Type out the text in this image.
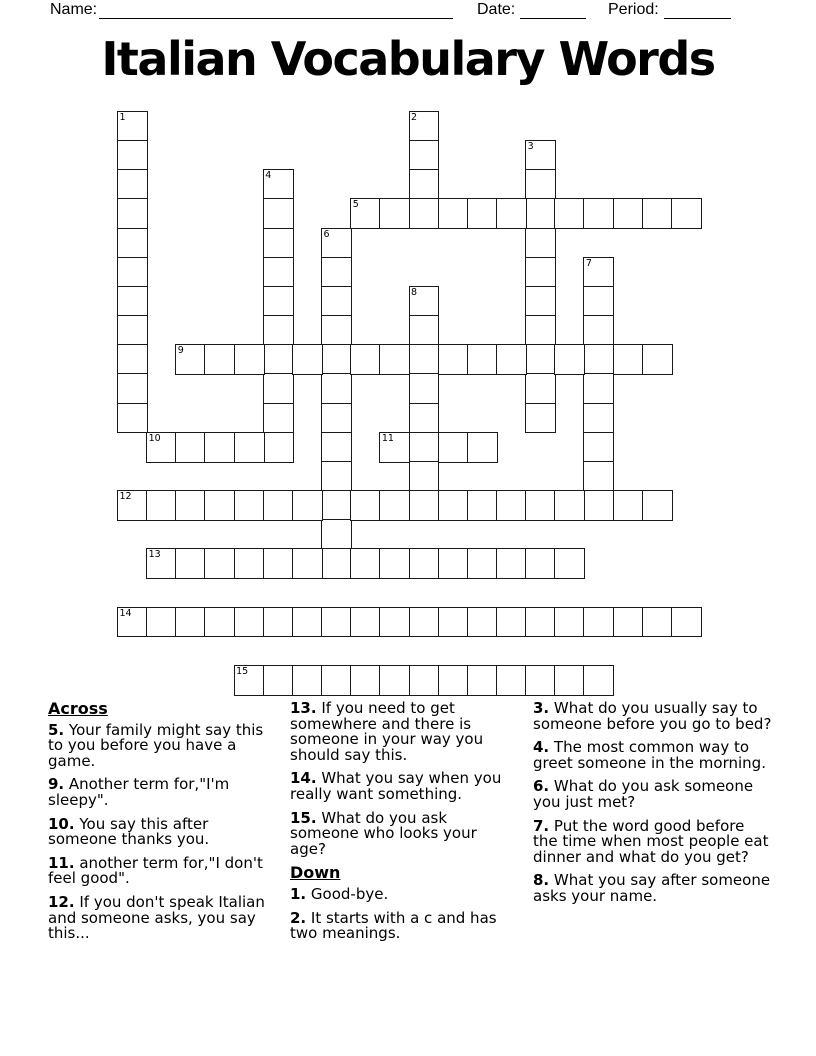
Name:	Date:	Period:
Italian Vocabulary Words
1	2
3
4
5
6
7
8
9
10	11
12
13
14
15
Across
5. Your family might say this to you before you have a game.
9. Another term for,"I'm sleepy".
10. You say this after someone thanks you.
11. another term for,"I don't feel good".
12. If you don't speak Italian and someone asks, you say this...
13. If you need to get somewhere and there is someone in your way you should say this.
14. What you say when you really want something.
15. What do you ask someone who looks your age?
Down
1. Good-bye.
2. It starts with a c and has two meanings.
3. What do you usually say to someone before you go to bed?
4. The most common way to greet someone in the morning.
6. What do you ask someone you just met?
7. Put the word good before the time when most people eat dinner and what do you get?
8. What you say after someone asks your name.
